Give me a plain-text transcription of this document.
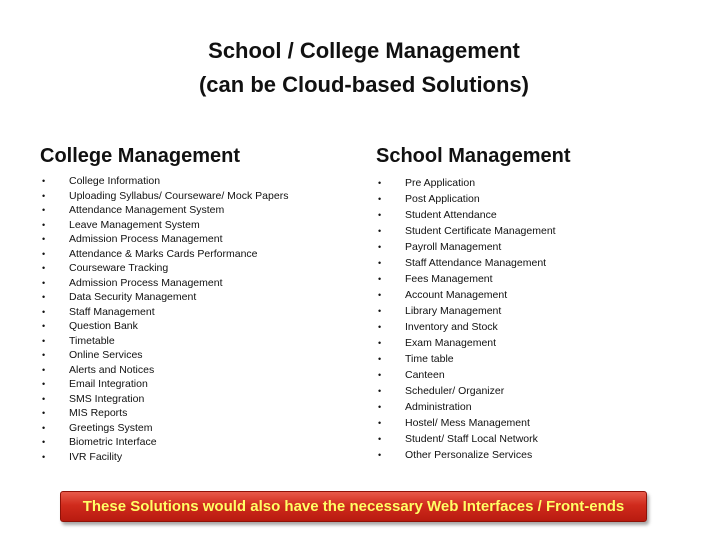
School / College Management
(can be Cloud-based Solutions)
College Management
•	College Information
•	Uploading Syllabus/ Courseware/ Mock Papers
•	Attendance Management System
•	Leave Management System
•	Admission Process Management
•	Attendance & Marks Cards Performance
•	Courseware Tracking
•	Admission Process Management
•	Data Security Management
•	Staff Management
•	Question Bank
•	Timetable
•	Online Services
•	Alerts and Notices
•	Email Integration
•	SMS Integration
•	MIS Reports
•	Greetings System
•	Biometric Interface
•	IVR Facility
School Management
•	Pre Application
•	Post Application
•	Student Attendance
•	Student Certificate Management
•	Payroll Management
•	Staff Attendance Management
•	Fees Management
•	Account Management
•	Library Management
•	Inventory and Stock
•	Exam Management
•	Time table
•	Canteen
•	Scheduler/ Organizer
•	Administration
•	Hostel/ Mess Management
•	Student/ Staff Local Network
•	Other Personalize Services
These Solutions would also have the necessary Web Interfaces / Front-ends
